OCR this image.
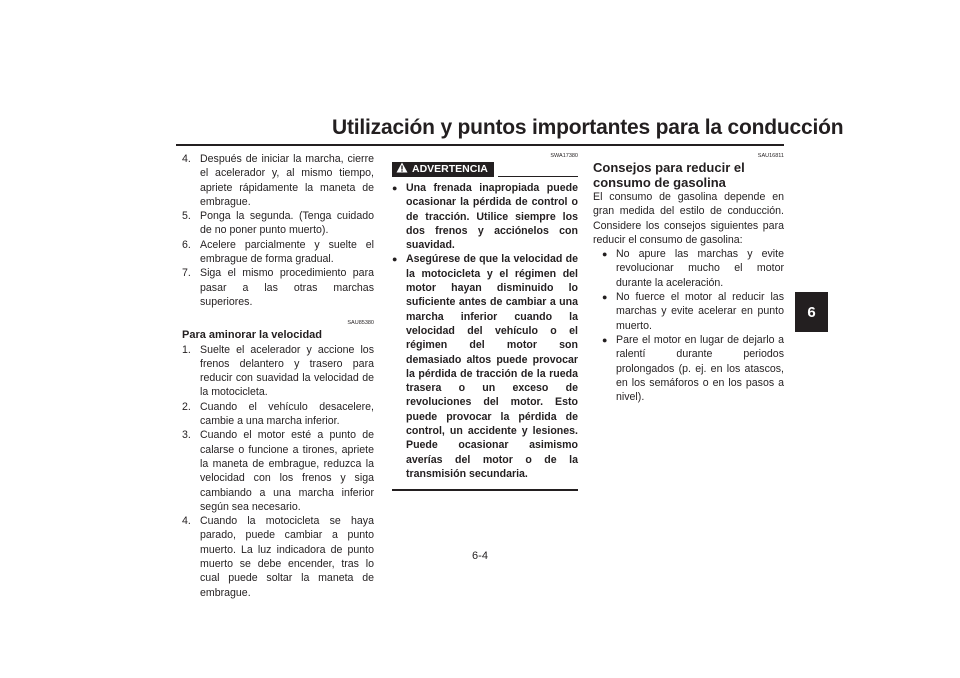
Utilización y puntos importantes para la conducción
6
4. Después de iniciar la marcha, cierre el acelerador y, al mismo tiempo, apriete rápidamente la maneta de embrague.
5. Ponga la segunda. (Tenga cuidado de no poner punto muerto).
6. Acelere parcialmente y suelte el embrague de forma gradual.
7. Siga el mismo procedimiento para pasar a las otras marchas superiores.
SAU85380
Para aminorar la velocidad
1. Suelte el acelerador y accione los frenos delantero y trasero para reducir con suavidad la velocidad de la motocicleta.
2. Cuando el vehículo desacelere, cambie a una marcha inferior.
3. Cuando el motor esté a punto de calarse o funcione a tirones, apriete la maneta de embrague, reduzca la velocidad con los frenos y siga cambiando a una marcha inferior según sea necesario.
4. Cuando la motocicleta se haya parado, puede cambiar a punto muerto. La luz indicadora de punto muerto se debe encender, tras lo cual puede soltar la maneta de embrague.
SWA17380
ADVERTENCIA
● Una frenada inapropiada puede ocasionar la pérdida de control o de tracción. Utilice siempre los dos frenos y acciónelos con suavidad.
● Asegúrese de que la velocidad de la motocicleta y el régimen del motor hayan disminuido lo suficiente antes de cambiar a una marcha inferior cuando la velocidad del vehículo o el régimen del motor son demasiado altos puede provocar la pérdida de tracción de la rueda trasera o un exceso de revoluciones del motor. Esto puede provocar la pérdida de control, un accidente y lesiones. Puede ocasionar asimismo averías del motor o de la transmisión secundaria.
SAU16811
Consejos para reducir el consumo de gasolina
El consumo de gasolina depende en gran medida del estilo de conducción. Considere los consejos siguientes para reducir el consumo de gasolina:
● No apure las marchas y evite revolucionar mucho el motor durante la aceleración.
● No fuerce el motor al reducir las marchas y evite acelerar en punto muerto.
● Pare el motor en lugar de dejarlo a ralentí durante periodos prolongados (p. ej. en los atascos, en los semáforos o en los pasos a nivel).
6-4
